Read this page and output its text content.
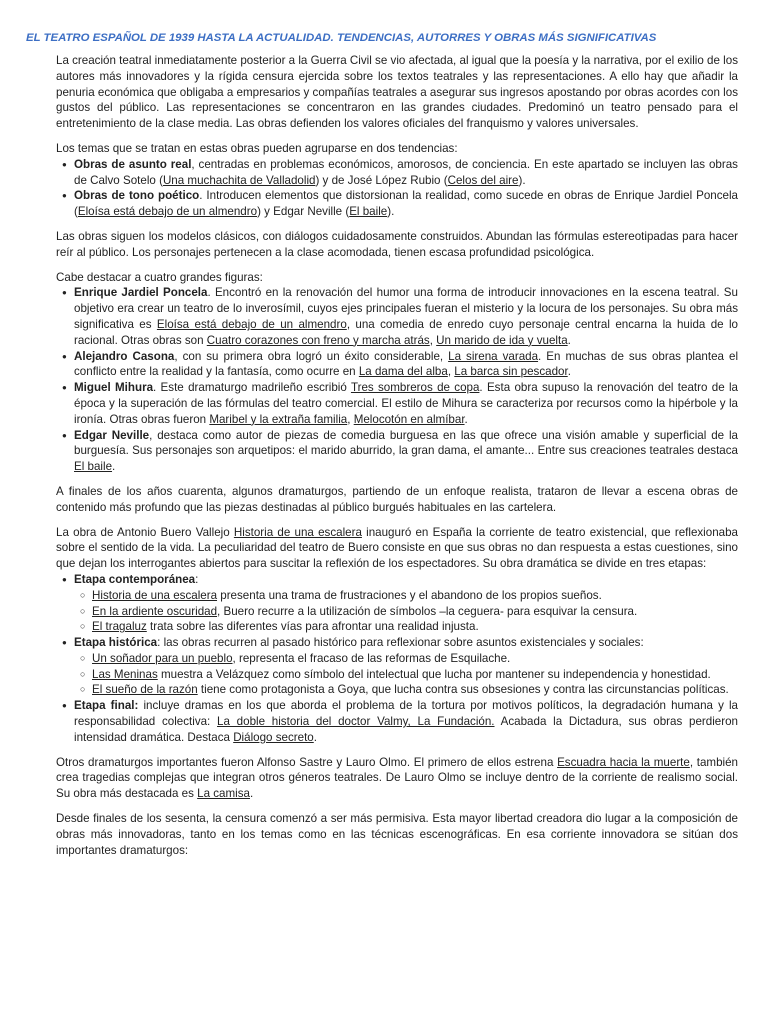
EL TEATRO ESPAÑOL DE 1939 HASTA LA ACTUALIDAD. TENDENCIAS, AUTORRES Y OBRAS MÁS SIGNIFICATIVAS

La creación teatral inmediatamente posterior a la Guerra Civil se vio afectada, al igual que la poesía y la narrativa, por el exilio de los autores más innovadores y la rígida censura ejercida sobre los textos teatrales y las representaciones. A ello hay que añadir la penuria económica que obligaba a empresarios y compañías teatrales a asegurar sus ingresos apostando por obras acordes con los gustos del público. Las representaciones se concentraron en las grandes ciudades. Predominó un teatro pensado para el entretenimiento de la clase media. Las obras defienden los valores oficiales del franquismo y valores universales.

Los temas que se tratan en estas obras pueden agruparse en dos tendencias:

● Obras de asunto real, centradas en problemas económicos, amorosos, de conciencia. En este apartado se incluyen las obras de Calvo Sotelo (Una muchachita de Valladolid) y de José López Rubio (Celos del aire).
● Obras de tono poético. Introducen elementos que distorsionan la realidad, como sucede en obras de Enrique Jardiel Poncela (Eloísa está debajo de un almendro) y Edgar Neville (El baile).

Las obras siguen los modelos clásicos, con diálogos cuidadosamente construidos. Abundan las fórmulas estereotipadas para hacer reír al público. Los personajes pertenecen a la clase acomodada, tienen escasa profundidad psicológica.

Cabe destacar a cuatro grandes figuras:

● Enrique Jardiel Poncela. Encontró en la renovación del humor una forma de introducir innovaciones en la escena teatral. Su objetivo era crear un teatro de lo inverosímil, cuyos ejes principales fueran el misterio y la locura de los personajes. Su obra más significativa es Eloísa está debajo de un almendro, una comedia de enredo cuyo personaje central encarna la huida de lo racional. Otras obras son Cuatro corazones con freno y marcha atrás, Un marido de ida y vuelta.
● Alejandro Casona, con su primera obra logró un éxito considerable, La sirena varada. En muchas de sus obras plantea el conflicto entre la realidad y la fantasía, como ocurre en La dama del alba, La barca sin pescador.
● Miguel Mihura. Este dramaturgo madrileño escribió Tres sombreros de copa. Esta obra supuso la renovación del teatro de la época y la superación de las fórmulas del teatro comercial. El estilo de Mihura se caracteriza por recursos como la hipérbole y la ironía. Otras obras fueron Maribel y la extraña familia, Melocotón en almíbar.
● Edgar Neville, destaca como autor de piezas de comedia burguesa en las que ofrece una visión amable y superficial de la burguesía. Sus personajes son arquetipos: el marido aburrido, la gran dama, el amante... Entre sus creaciones teatrales destaca El baile.

A finales de los años cuarenta, algunos dramaturgos, partiendo de un enfoque realista, trataron de llevar a escena obras de contenido más profundo que las piezas destinadas al público burgués habituales en las cartelera.

La obra de Antonio Buero Vallejo Historia de una escalera inauguró en España la corriente de teatro existencial, que reflexionaba sobre el sentido de la vida. La peculiaridad del teatro de Buero consiste en que sus obras no dan respuesta a estas cuestiones, sino que dejan los interrogantes abiertos para suscitar la reflexión de los espectadores. Su obra dramática se divide en tres etapas:

● Etapa contemporánea:
○ Historia de una escalera presenta una trama de frustraciones y el abandono de los propios sueños.
○ En la ardiente oscuridad, Buero recurre a la utilización de símbolos –la ceguera- para esquivar la censura.
○ El tragaluz trata sobre las diferentes vías para afrontar una realidad injusta.
● Etapa histórica: las obras recurren al pasado histórico para reflexionar sobre asuntos existenciales y sociales:
○ Un soñador para un pueblo, representa el fracaso de las reformas de Esquilache.
○ Las Meninas muestra a Velázquez como símbolo del intelectual que lucha por mantener su independencia y honestidad.
○ El sueño de la razón tiene como protagonista a Goya, que lucha contra sus obsesiones y contra las circunstancias políticas.
● Etapa final: incluye dramas en los que aborda el problema de la tortura por motivos políticos, la degradación humana y la responsabilidad colectiva: La doble historia del doctor Valmy, La Fundación. Acabada la Dictadura, sus obras perdieron intensidad dramática. Destaca Diálogo secreto.

Otros dramaturgos importantes fueron Alfonso Sastre y Lauro Olmo. El primero de ellos estrena Escuadra hacia la muerte, también crea tragedias complejas que integran otros géneros teatrales. De Lauro Olmo se incluye dentro de la corriente de realismo social. Su obra más destacada es La camisa.

Desde finales de los sesenta, la censura comenzó a ser más permisiva. Esta mayor libertad creadora dio lugar a la composición de obras más innovadoras, tanto en los temas como en las técnicas escenográficas. En esa corriente innovadora se sitúan dos importantes dramaturgos:
